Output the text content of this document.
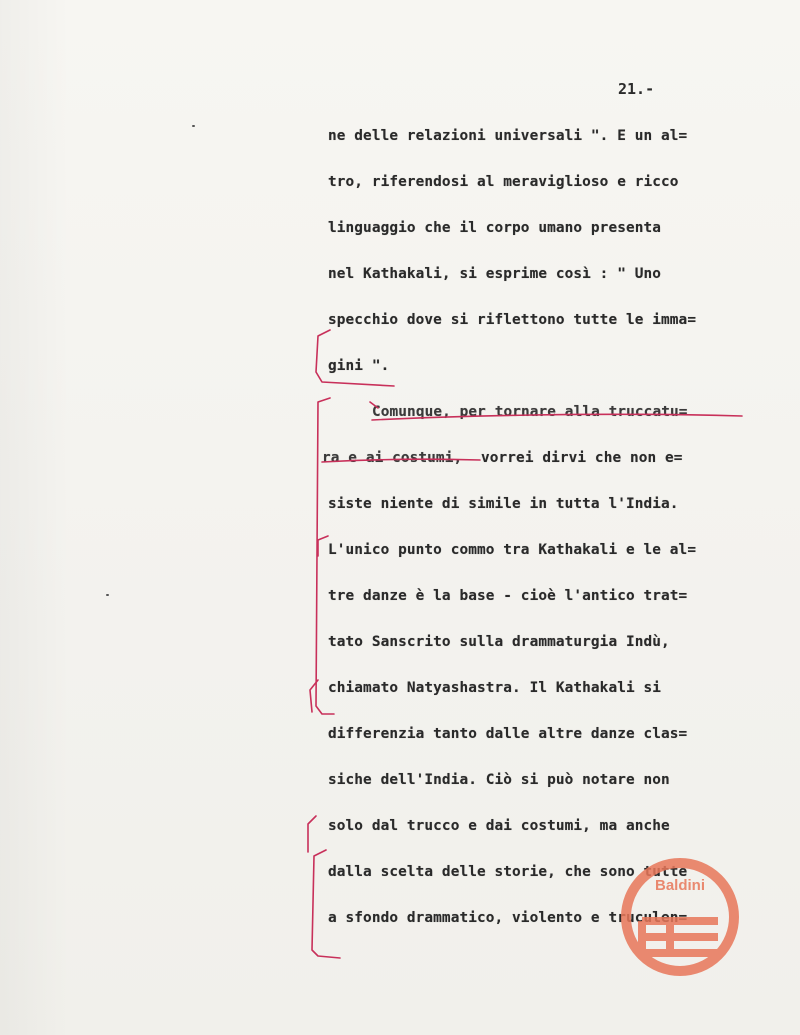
21.-
ne delle relazioni universali ". E un al=
tro, riferendosi al meraviglioso e ricco
linguaggio che il corpo umano presenta
nel Kathakali, si esprime così : " Uno
specchio dove si riflettono tutte le imma=
gini ".
Comunque, per tornare alla truccatu=
ra e ai costumi, vorrei dirvi che non e=
siste niente di simile in tutta l'India.
L'unico punto commo tra Kathakali e le al=
tre danze è la base - cioè l'antico trat=
tato Sanscrito sulla drammaturgia Indù,
chiamato Natyashastra. Il Kathakali si
differenzia tanto dalle altre danze clas=
siche dell'India. Ciò si può notare non
solo dal trucco e dai costumi, ma anche
dalla scelta delle storie, che sono tutte
a sfondo drammatico, violento e truculen=
Baldini
